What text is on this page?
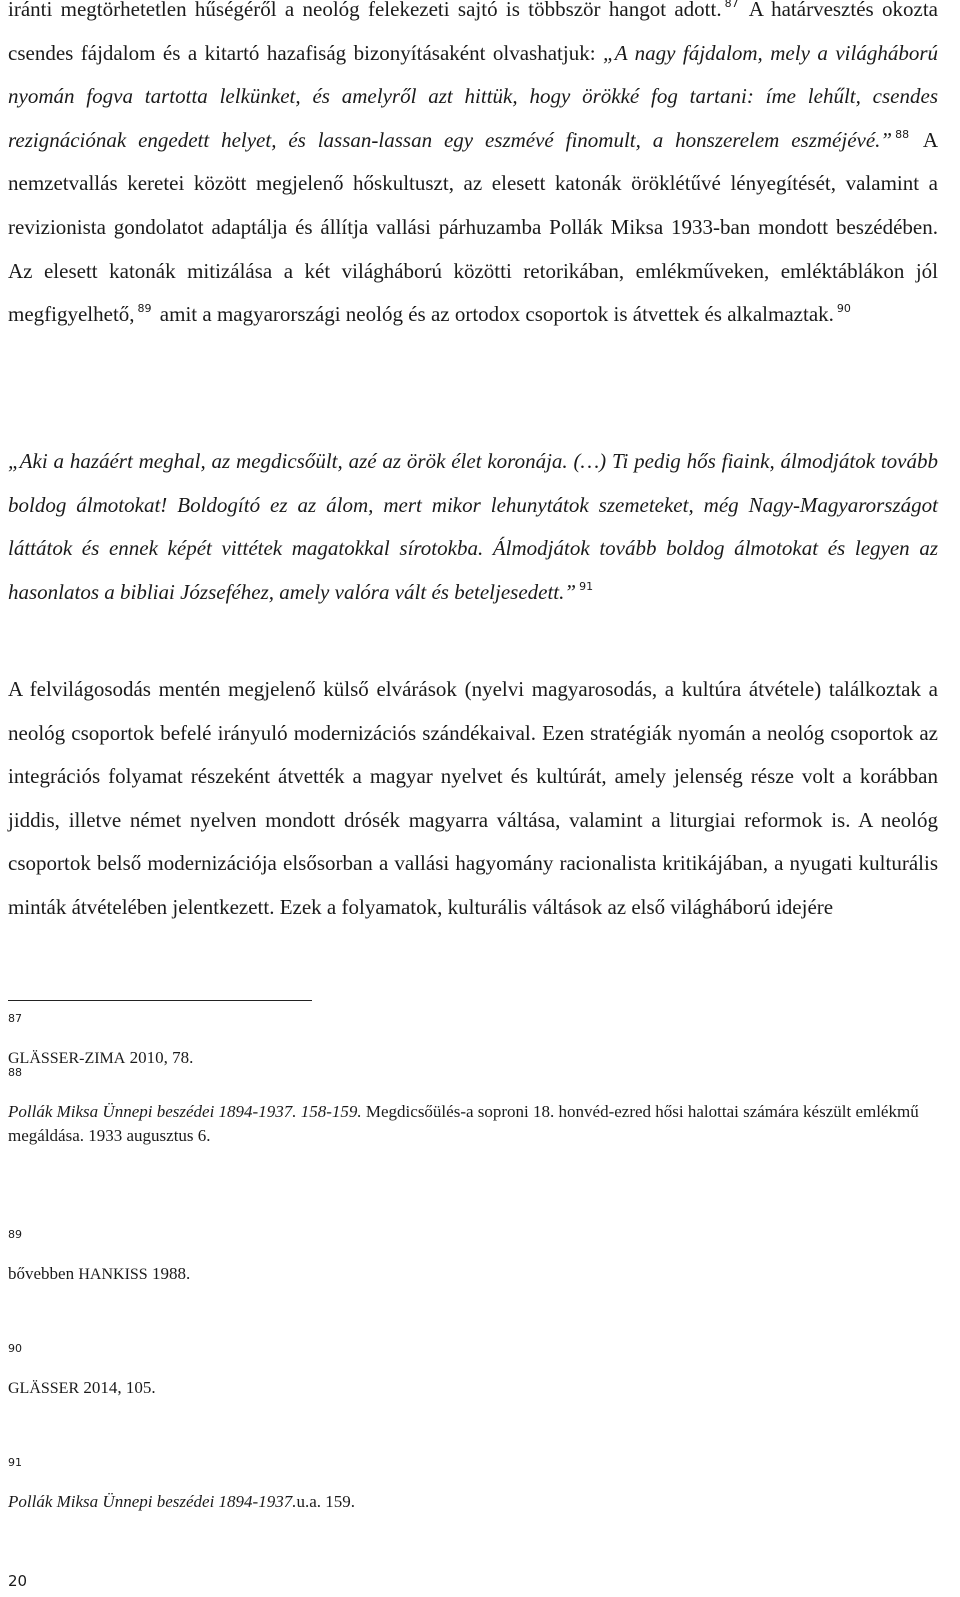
iránti megtörhetetlen hűségéről a neológ felekezeti sajtó is többször hangot adott. $^{87}$ A határvesztés okozta csendes fájdalom és a kitartó hazafiság bizonyításaként olvashatjuk: „A nagy fájdalom, mely a világháború nyomán fogva tartotta lelkünket, és amelyről azt hittük, hogy örökké fog tartani: íme lehűlt, csendes rezignációnak engedett helyet, és lassan-lassan egy eszmévé finomult, a honszerelem eszméjévé.” $^{88}$ A nemzetvallás keretei között megjelenő hőskultuszt, az elesett katonák öröklétűvé lényegítését, valamint a revizionista gondolatot adaptálja és állítja vallási párhuzamba Pollák Miksa 1933-ban mondott beszédében. Az elesett katonák mitizálása a két világháború közötti retorikában, emlékműveken, emléktáblákon jól megfigyelhető, $^{89}$ amit a magyarországi neológ és az ortodox csoportok is átvettek és alkalmaztak. $^{90}$

„Aki a hazáért meghal, az megdicsőült, azé az örök élet koronája. (…) Ti pedig hős fiaink, álmodjátok tovább boldog álmotokat! Boldogító ez az álom, mert mikor lehunytátok szemeteket, még Nagy-Magyarországot láttátok és ennek képét vittétek magatokkal sírotokba. Álmodjátok tovább boldog álmotokat és legyen az hasonlatos a bibliai Józseféhez, amely valóra vált és beteljesedett.” $^{91}$

A felvilágosodás mentén megjelenő külső elvárások (nyelvi magyarosodás, a kultúra átvétele) találkoztak a neológ csoportok befelé irányuló modernizációs szándékaival. Ezen stratégiák nyomán a neológ csoportok az integrációs folyamat részeként átvették a magyar nyelvet és kultúrát, amely jelenség része volt a korábban jiddis, illetve német nyelven mondott drósék magyarra váltása, valamint a liturgiai reformok is. A neológ csoportok belső modernizációja elsősorban a vallási hagyomány racionalista kritikájában, a nyugati kulturális minták átvételében jelentkezett. Ezek a folyamatok, kulturális váltások az első világháború idejére

87
GLÄSSER-ZIMA 2010, 78.
88
Pollák Miksa Ünnepi beszédei 1894-1937. 158-159. Megdicsőülés-a soproni 18. honvéd-ezred hősi halottai számára készült emlékmű megáldása. 1933 augusztus 6.
89
bővebben HANKISS 1988.
90
GLÄSSER 2014, 105.
91
Pollák Miksa Ünnepi beszédei 1894-1937.u.a. 159.
20
